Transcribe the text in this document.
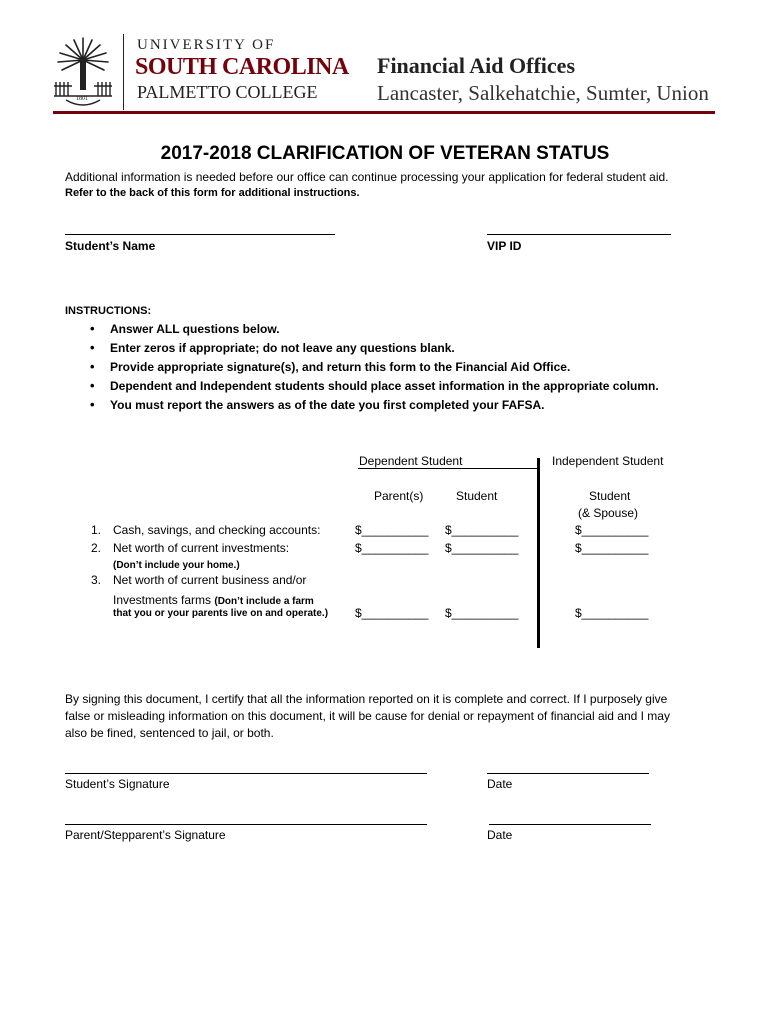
1801
UNIVERSITY OF
SOUTH CAROLINA
PALMETTO COLLEGE
Financial Aid Offices
Lancaster, Salkehatchie, Sumter, Union
2017-2018 CLARIFICATION OF VETERAN STATUS
Additional information is needed before our office can continue processing your application for federal student aid.
Refer to the back of this form for additional instructions.
Student’s Name	VIP ID
INSTRUCTIONS:
• Answer ALL questions below.
• Enter zeros if appropriate; do not leave any questions blank.
• Provide appropriate signature(s), and return this form to the Financial Aid Office.
• Dependent and Independent students should place asset information in the appropriate column.
• You must report the answers as of the date you first completed your FAFSA.
Dependent Student	Independent Student
Parent(s)	Student	Student
(& Spouse)
1. Cash, savings, and checking accounts:	$__________ $__________	$__________
2. Net worth of current investments:	$__________ $__________	$__________
(Don’t include your home.)
3. Net worth of current business and/or
Investments farms (Don’t include a farm
that you or your parents live on and operate.) $__________ $__________	$__________
By signing this document, I certify that all the information reported on it is complete and correct. If I purposely give
false or misleading information on this document, it will be cause for denial or repayment of financial aid and I may
also be fined, sentenced to jail, or both.
Student’s Signature	Date
Parent/Stepparent’s Signature	Date
